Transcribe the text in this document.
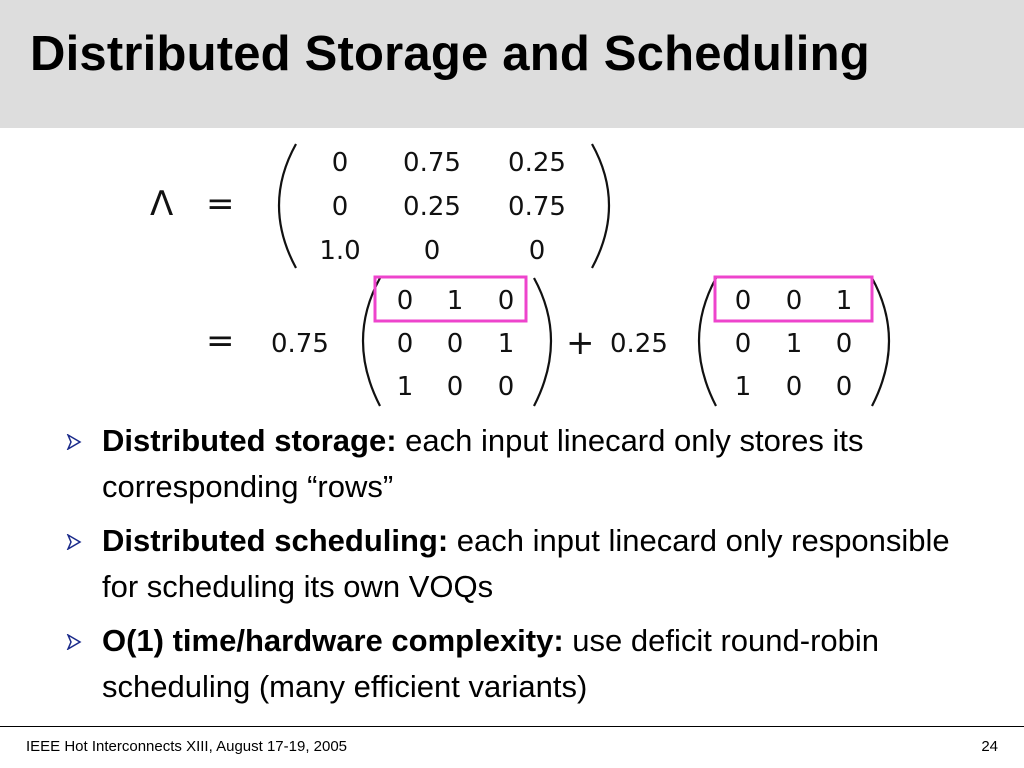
Distributed Storage and Scheduling
Λ =
0 0.75 0.25
0 0.25 0.75
1.0 0	0
= 0.75
0 1 0
0 0 1
1 0 0
+ 0.25
0 0 1
0 1 0
1 0 0
Distributed storage: each input linecard only stores its corresponding “rows”
Distributed scheduling: each input linecard only responsible for scheduling its own VOQs
O(1) time/hardware complexity: use deficit round-robin scheduling (many efficient variants)
IEEE Hot Interconnects XIII, August 17-19, 2005	24
